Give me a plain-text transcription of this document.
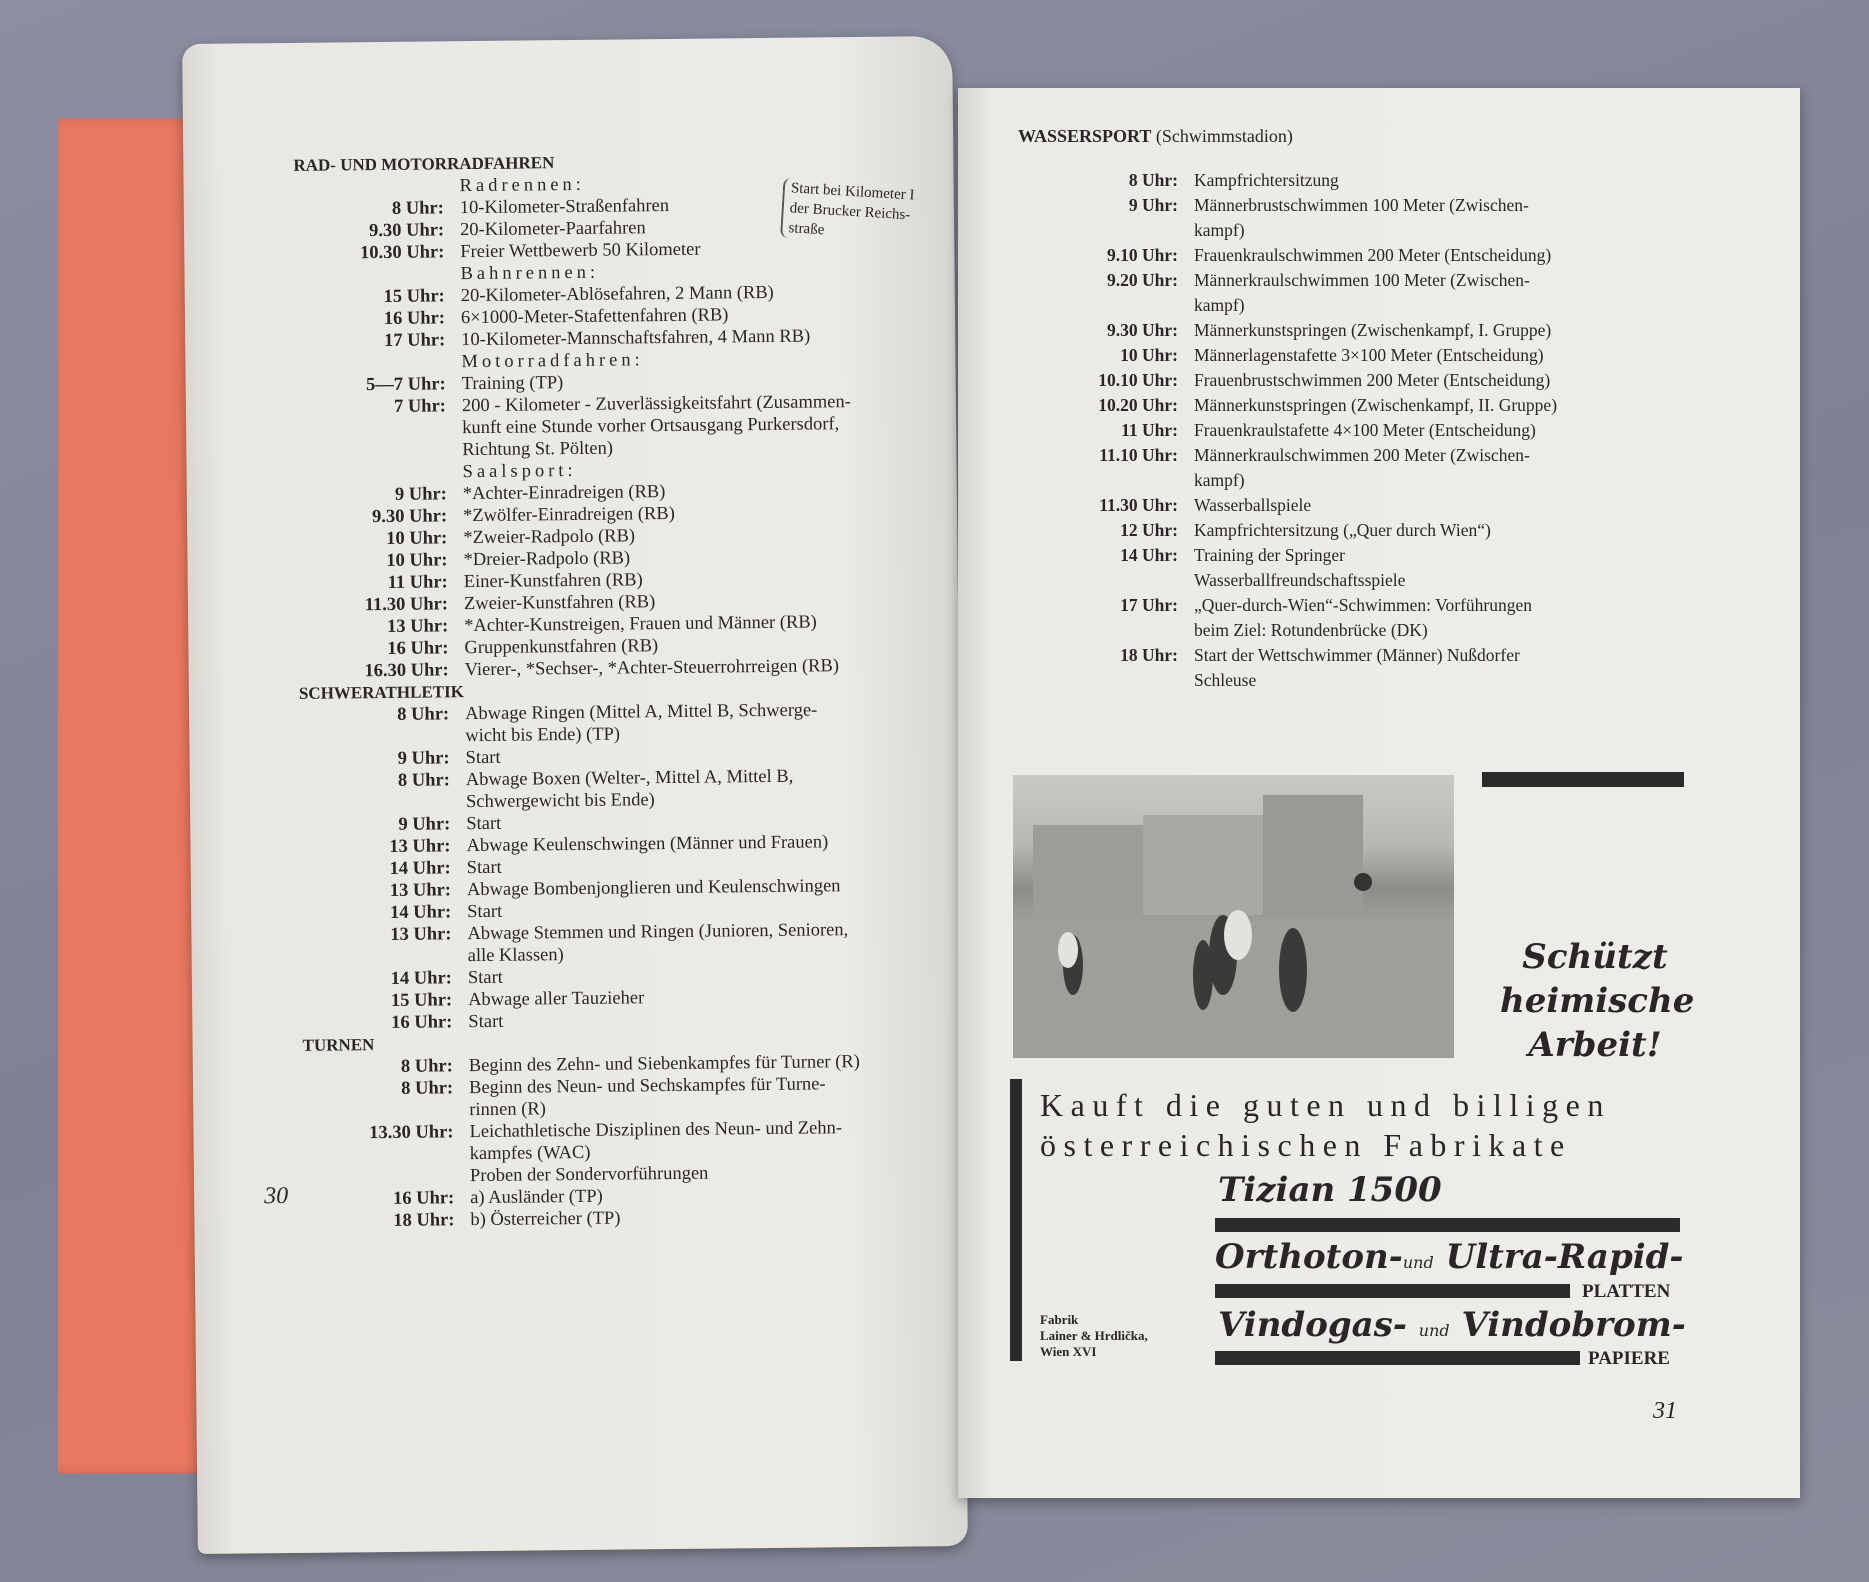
RAD- UND MOTORRADFAHREN
Radrennen:
8 Uhr: 10-Kilometer-Straßenfahren
9.30 Uhr: 20-Kilometer-Paarfahren
10.30 Uhr: Freier Wettbewerb 50 Kilometer
Bahnrennen:
15 Uhr: 20-Kilometer-Ablösefahren, 2 Mann (RB)
16 Uhr: 6×1000-Meter-Stafettenfahren (RB)
17 Uhr: 10-Kilometer-Mannschaftsfahren, 4 Mann RB)
Motorradfahren:
5—7 Uhr: Training (TP)
7 Uhr: 200 - Kilometer - Zuverlässigkeitsfahrt (Zusammen-
kunft eine Stunde vorher Ortsausgang Purkersdorf,
Richtung St. Pölten)
Saalsport:
9 Uhr: *Achter-Einradreigen (RB)
9.30 Uhr: *Zwölfer-Einradreigen (RB)
10 Uhr: *Zweier-Radpolo (RB)
10 Uhr: *Dreier-Radpolo (RB)
11 Uhr: Einer-Kunstfahren (RB)
11.30 Uhr: Zweier-Kunstfahren (RB)
13 Uhr: *Achter-Kunstreigen, Frauen und Männer (RB)
16 Uhr: Gruppenkunstfahren (RB)
16.30 Uhr: Vierer-, *Sechser-, *Achter-Steuerrohrreigen (RB)
SCHWERATHLETIK
8 Uhr: Abwage Ringen (Mittel A, Mittel B, Schwerge-
wicht bis Ende) (TP)
9 Uhr: Start
8 Uhr: Abwage Boxen (Welter-, Mittel A, Mittel B,
Schwergewicht bis Ende)
9 Uhr: Start
13 Uhr: Abwage Keulenschwingen (Männer und Frauen)
14 Uhr: Start
13 Uhr: Abwage Bombenjonglieren und Keulenschwingen
14 Uhr: Start
13 Uhr: Abwage Stemmen und Ringen (Junioren, Senioren,
alle Klassen)
14 Uhr: Start
15 Uhr: Abwage aller Tauzieher
16 Uhr: Start
TURNEN
8 Uhr: Beginn des Zehn- und Siebenkampfes für Turner (R)
8 Uhr: Beginn des Neun- und Sechskampfes für Turne-
rinnen (R)
13.30 Uhr: Leichathletische Disziplinen des Neun- und Zehn-
kampfes (WAC)
Proben der Sondervorführungen
16 Uhr: a) Ausländer (TP)
18 Uhr: b) Österreicher (TP)
Start bei Kilometer I
der Brucker Reichs-
straße
30
WASSERSPORT (Schwimmstadion)
8 Uhr: Kampfrichtersitzung
9 Uhr: Männerbrustschwimmen 100 Meter (Zwischen-
kampf)
9.10 Uhr: Frauenkraulschwimmen 200 Meter (Entscheidung)
9.20 Uhr: Männerkraulschwimmen 100 Meter (Zwischen-
kampf)
9.30 Uhr: Männerkunstspringen (Zwischenkampf, I. Gruppe)
10 Uhr: Männerlagenstafette 3×100 Meter (Entscheidung)
10.10 Uhr: Frauenbrustschwimmen 200 Meter (Entscheidung)
10.20 Uhr: Männerkunstspringen (Zwischenkampf, II. Gruppe)
11 Uhr: Frauenkraulstafette 4×100 Meter (Entscheidung)
11.10 Uhr: Männerkraulschwimmen 200 Meter (Zwischen-
kampf)
11.30 Uhr: Wasserballspiele
12 Uhr: Kampfrichtersitzung („Quer durch Wien“)
14 Uhr: Training der Springer
Wasserballfreundschaftsspiele
17 Uhr: „Quer-durch-Wien“-Schwimmen: Vorführungen
beim Ziel: Rotundenbrücke (DK)
18 Uhr: Start der Wettschwimmer (Männer) Nußdorfer
Schleuse
31
Schützt
heimische
Arbeit!
Kauft die guten und billigen
österreichischen Fabrikate
Tizian 1500
Orthoton-und Ultra-Rapid-
PLATTEN
Vindogas- und Vindobrom-
PAPIERE
Fabrik
Lainer & Hrdlička,
Wien XVI
